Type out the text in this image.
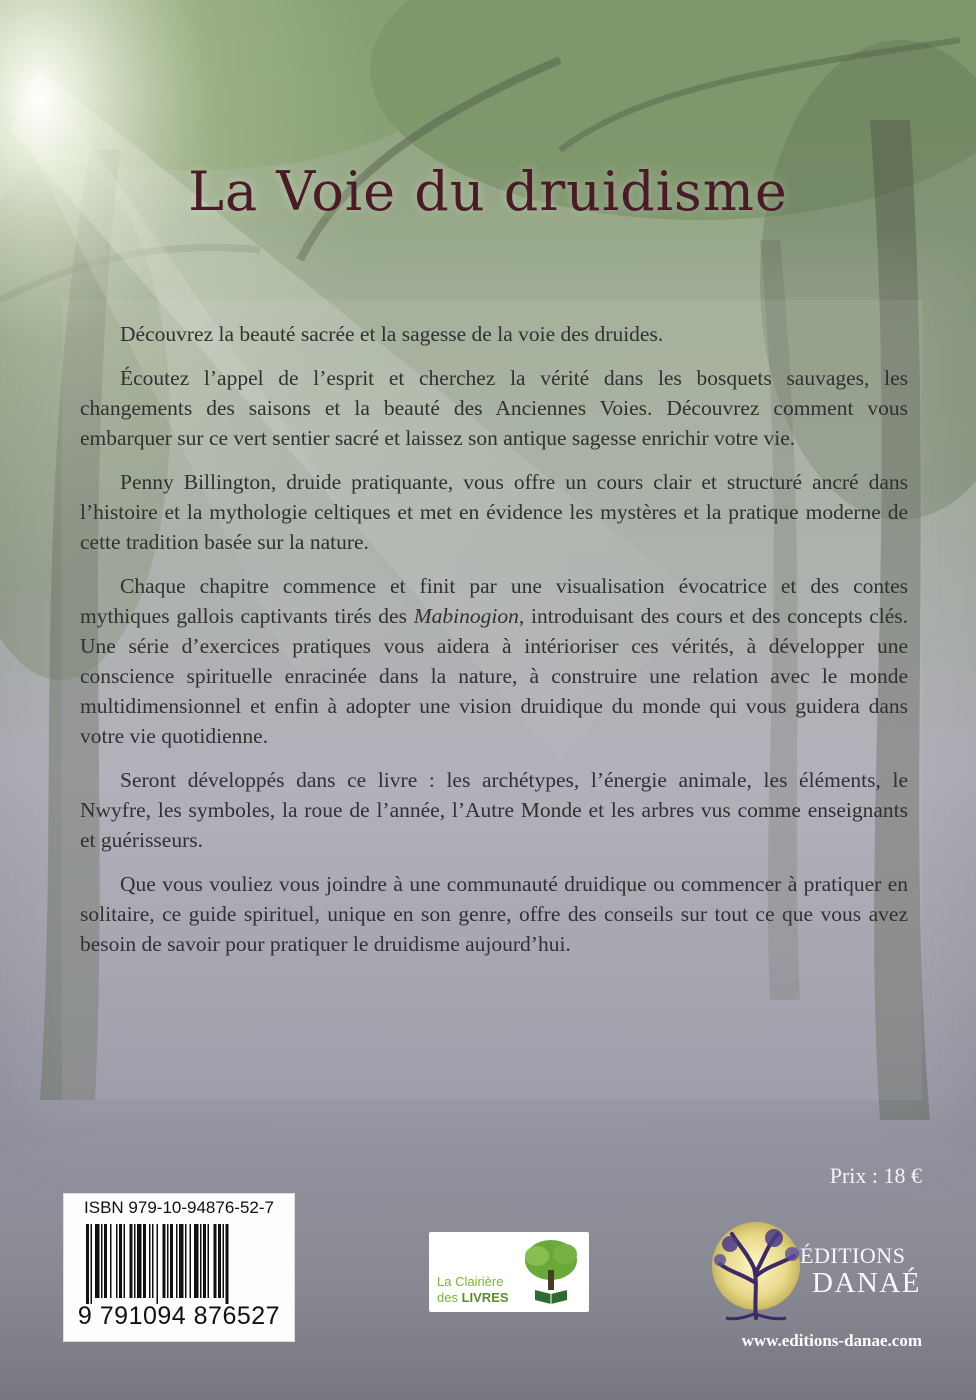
La Voie du druidisme

Découvrez la beauté sacrée et la sagesse de la voie des druides.

Écoutez l’appel de l’esprit et cherchez la vérité dans les bosquets sauvages, les changements des saisons et la beauté des Anciennes Voies. Découvrez comment vous embarquer sur ce vert sentier sacré et laissez son antique sagesse enrichir votre vie.

Penny Billington, druide pratiquante, vous offre un cours clair et structuré ancré dans l’histoire et la mythologie celtiques et met en évidence les mystères et la pratique moderne de cette tradition basée sur la nature.

Chaque chapitre commence et finit par une visualisation évocatrice et des contes mythiques gallois captivants tirés des Mabinogion, introduisant des cours et des concepts clés. Une série d’exercices pratiques vous aidera à intérioriser ces vérités, à développer une conscience spirituelle enracinée dans la nature, à construire une relation avec le monde multidimensionnel et enfin à adopter une vision druidique du monde qui vous guidera dans votre vie quotidienne.

Seront développés dans ce livre : les archétypes, l’énergie animale, les éléments, le Nwyfre, les symboles, la roue de l’année, l’Autre Monde et les arbres vus comme enseignants et guérisseurs.

Que vous vouliez vous joindre à une communauté druidique ou commencer à pratiquer en solitaire, ce guide spirituel, unique en son genre, offre des conseils sur tout ce que vous avez besoin de savoir pour pratiquer le druidisme aujourd’hui.

Prix : 18 €

ISBN 979-10-94876-52-7

9 791094 876527

La Clairière

des LIVRES

ÉDITIONS

DANAÉ

www.editions-danae.com
